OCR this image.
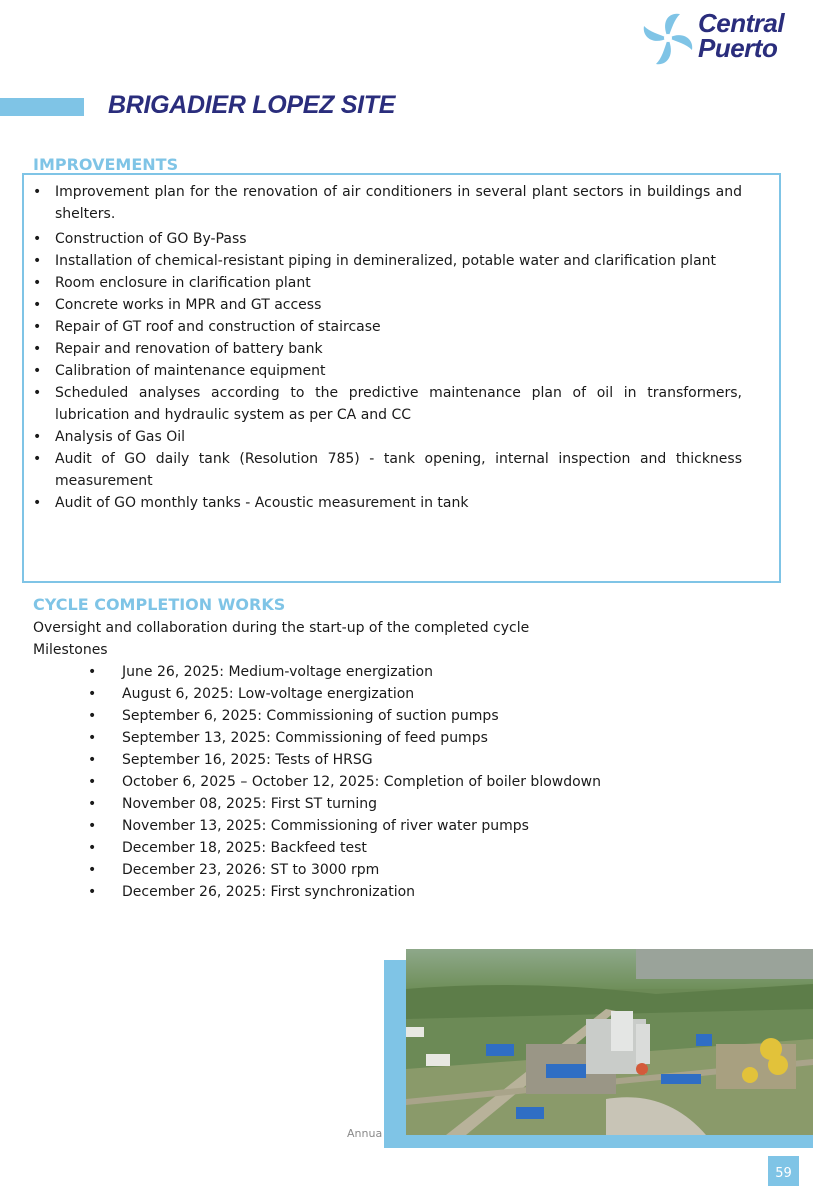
Central
Puerto
BRIGADIER LOPEZ SITE
IMPROVEMENTS
• Improvement plan for the renovation of air conditioners in several plant sectors in buildings and shelters.
• Construction of GO By-Pass
• Installation of chemical-resistant piping in demineralized, potable water and clarification plant
• Room enclosure in clarification plant
• Concrete works in MPR and GT access
• Repair of GT roof and construction of staircase
• Repair and renovation of battery bank
• Calibration of maintenance equipment
• Scheduled analyses according to the predictive maintenance plan of oil in transformers, lubrication and hydraulic system as per CA and CC
• Analysis of Gas Oil
• Audit of GO daily tank (Resolution 785) - tank opening, internal inspection and thickness measurement
• Audit of GO monthly tanks - Acoustic measurement in tank
CYCLE COMPLETION WORKS

Oversight and collaboration during the start-up of the completed cycle

Milestones

• June 26, 2025: Medium-voltage energization
• August 6, 2025: Low-voltage energization
• September 6, 2025: Commissioning of suction pumps
• September 13, 2025: Commissioning of feed pumps
• September 16, 2025: Tests of HRSG
• October 6, 2025 – October 12, 2025: Completion of boiler blowdown
• November 08, 2025: First ST turning
• November 13, 2025: Commissioning of river water pumps
• December 18, 2025: Backfeed test
• December 23, 2026: ST to 3000 rpm
• December 26, 2025: First synchronization
Annua
59
